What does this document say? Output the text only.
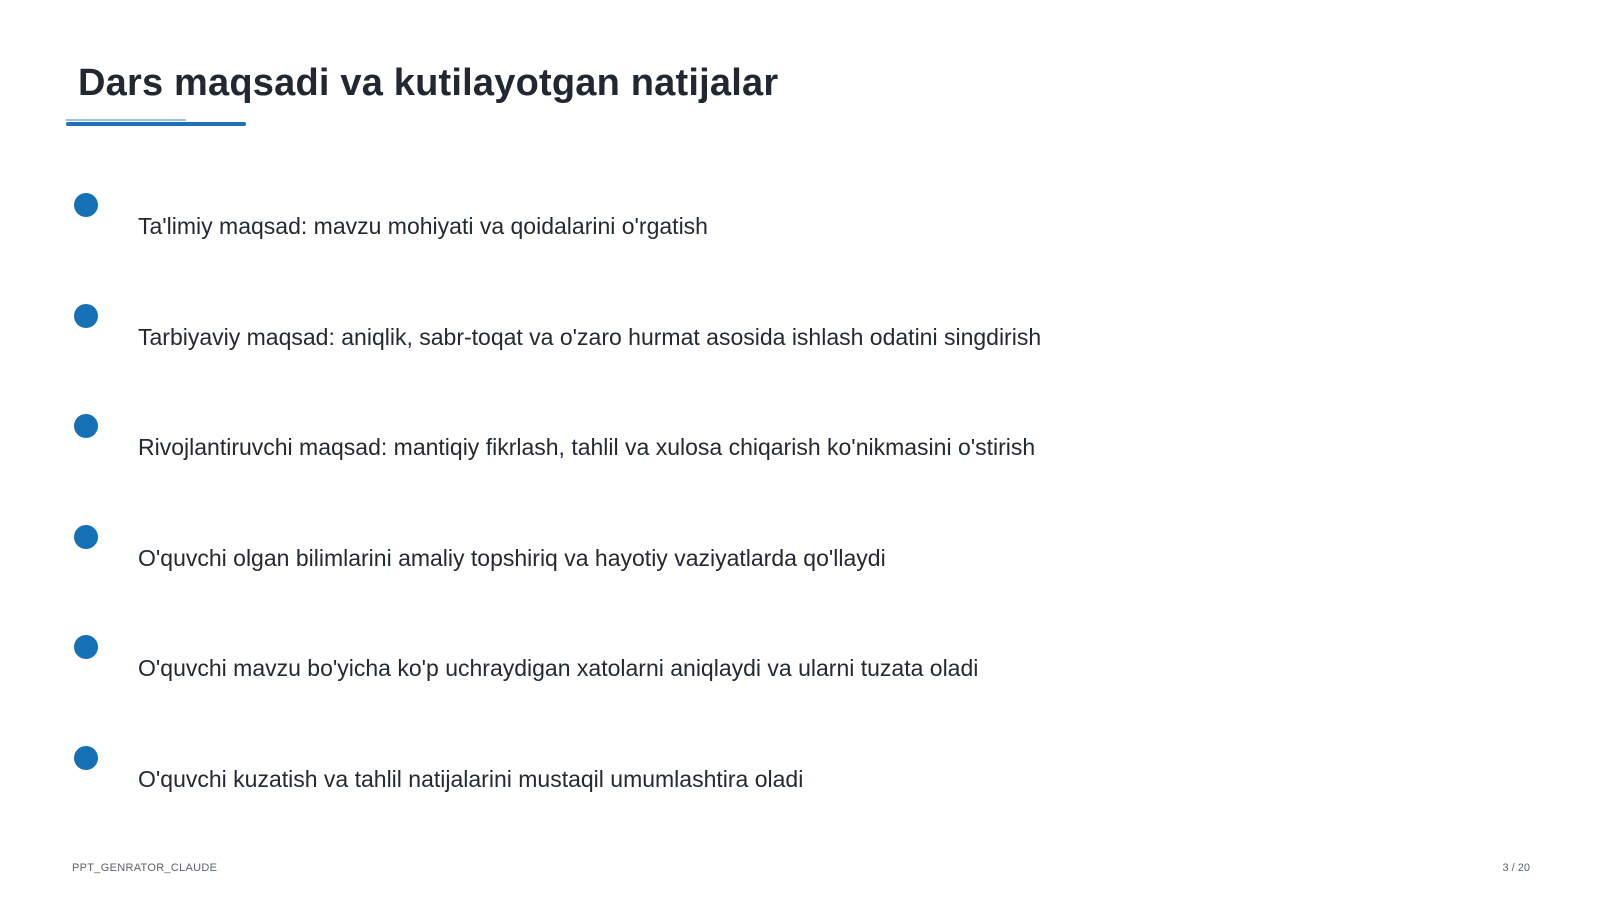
Dars maqsadi va kutilayotgan natijalar
Ta'limiy maqsad: mavzu mohiyati va qoidalarini o'rgatish
Tarbiyaviy maqsad: aniqlik, sabr-toqat va o'zaro hurmat asosida ishlash odatini singdirish
Rivojlantiruvchi maqsad: mantiqiy fikrlash, tahlil va xulosa chiqarish ko'nikmasini o'stirish
O'quvchi olgan bilimlarini amaliy topshiriq va hayotiy vaziyatlarda qo'llaydi
O'quvchi mavzu bo'yicha ko'p uchraydigan xatolarni aniqlaydi va ularni tuzata oladi
O'quvchi kuzatish va tahlil natijalarini mustaqil umumlashtira oladi
PPT_GENRATOR_CLAUDE	3 / 20
